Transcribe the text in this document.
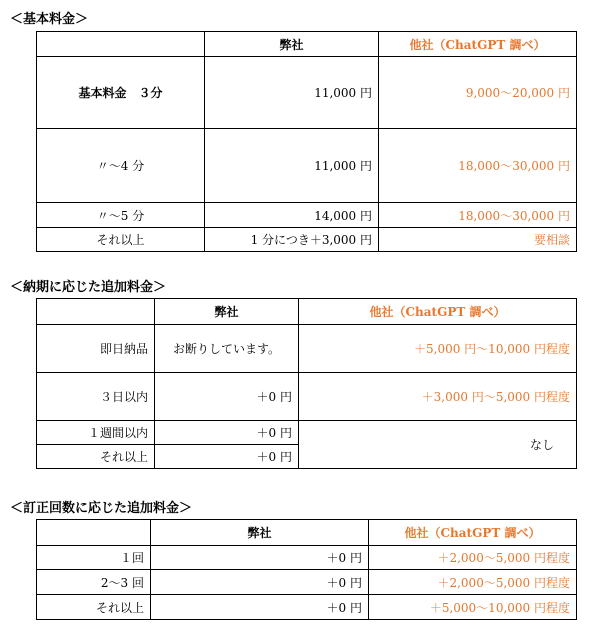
＜基本料金＞
	弊社	他社（ChatGPT 調べ）
基本料金　３分	11,000 円	9,000～20,000 円
〃～4 分	11,000 円	18,000～30,000 円
〃～5 分	14,000 円	18,000～30,000 円
それ以上	1 分につき＋3,000 円	要相談
＜納期に応じた追加料金＞
	弊社	他社（ChatGPT 調べ）
即日納品	お断りしています。	＋5,000 円～10,000 円程度
３日以内	＋0 円	＋3,000 円～5,000 円程度
１週間以内	＋0 円	なし
それ以上	＋0 円	
＜訂正回数に応じた追加料金＞
	弊社	他社（ChatGPT 調べ）
１回	＋0 円	＋2,000～5,000 円程度
2～3 回	＋0 円	＋2,000～5,000 円程度
それ以上	＋0 円	＋5,000～10,000 円程度
